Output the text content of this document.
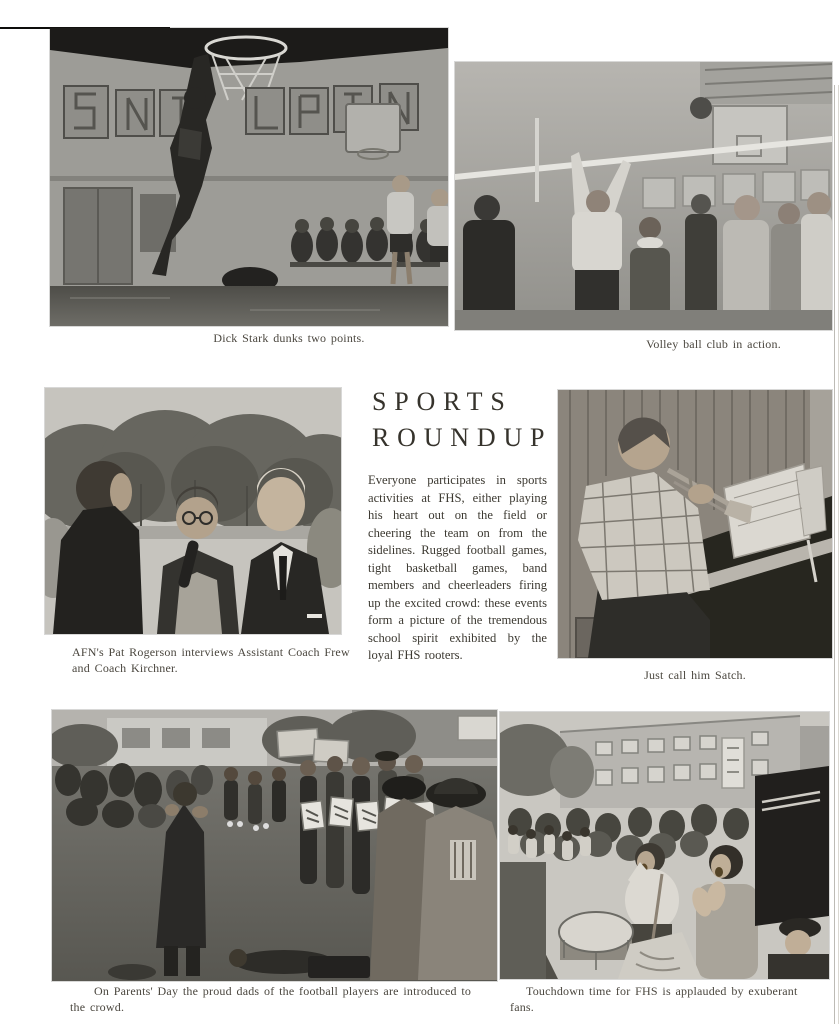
Dick Stark dunks two points.	Volley ball club in action.
AFN's Pat Rogerson interviews Assistant Coach Frew and Coach Kirchner.
SPORTS
ROUNDUP

Everyone participates in sports activities at FHS, either playing his heart out on the field or cheering the team on from the sidelines. Rugged football games, tight basketball games, band members and cheerleaders firing up the excited crowd: these events form a picture of the tremendous school spirit exhibited by the loyal FHS rooters.

Just call him Satch.
On Parents' Day the proud dads of the football players are introduced to the crowd.
Touchdown time for FHS is applauded by exuberant fans.
